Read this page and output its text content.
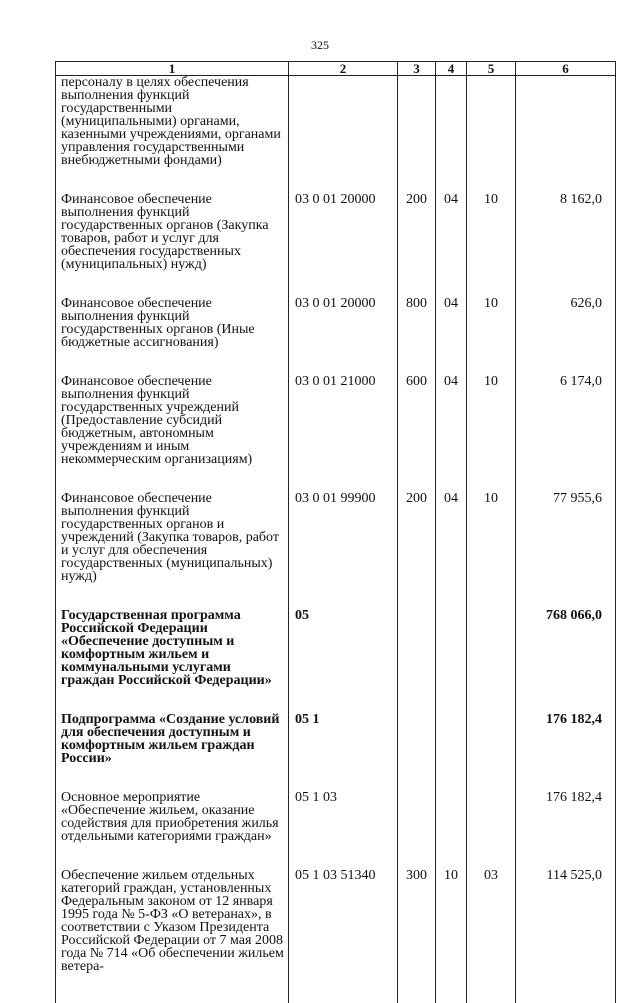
325
1	2	3	4	5	6
персоналу в целях обеспечения выполнения функций государственными (муниципальными) органами, казенными учреждениями, органами управления государственными внебюджетными фондами)					

Финансовое обеспечение выполнения функций государственных органов (Закупка товаров, работ и услуг для обеспечения государственных (муниципальных) нужд)	03 0 01 20000	200	04	10	8 162,0

Финансовое обеспечение выполнения функций государственных органов (Иные бюджетные ассигнования)	03 0 01 20000	800	04	10	626,0

Финансовое обеспечение выполнения функций государственных учреждений (Предоставление субсидий бюджетным, автономным учреждениям и иным некоммерческим организациям)	03 0 01 21000	600	04	10	6 174,0

Финансовое обеспечение выполнения функций государственных органов и учреждений (Закупка товаров, работ и услуг для обеспечения государственных (муниципальных) нужд)	03 0 01 99900	200	04	10	77 955,6

Государственная программа Российской Федерации «Обеспечение доступным и комфортным жильем и коммунальными услугами граждан Российской Федерации»	05				768 066,0

Подпрограмма «Создание условий для обеспечения доступным и комфортным жильем граждан России»	05 1				176 182,4

Основное мероприятие «Обеспечение жильем, оказание содействия для приобретения жилья отдельными категориями граждан»	05 1 03				176 182,4

Обеспечение жильем отдельных категорий граждан, установленных Федеральным законом от 12 января 1995 года № 5-ФЗ «О ветеранах», в соответствии с Указом Президента Российской Федерации от 7 мая 2008 года № 714 «Об обеспечении жильем ветера-	05 1 03 51340	300	10	03	114 525,0
